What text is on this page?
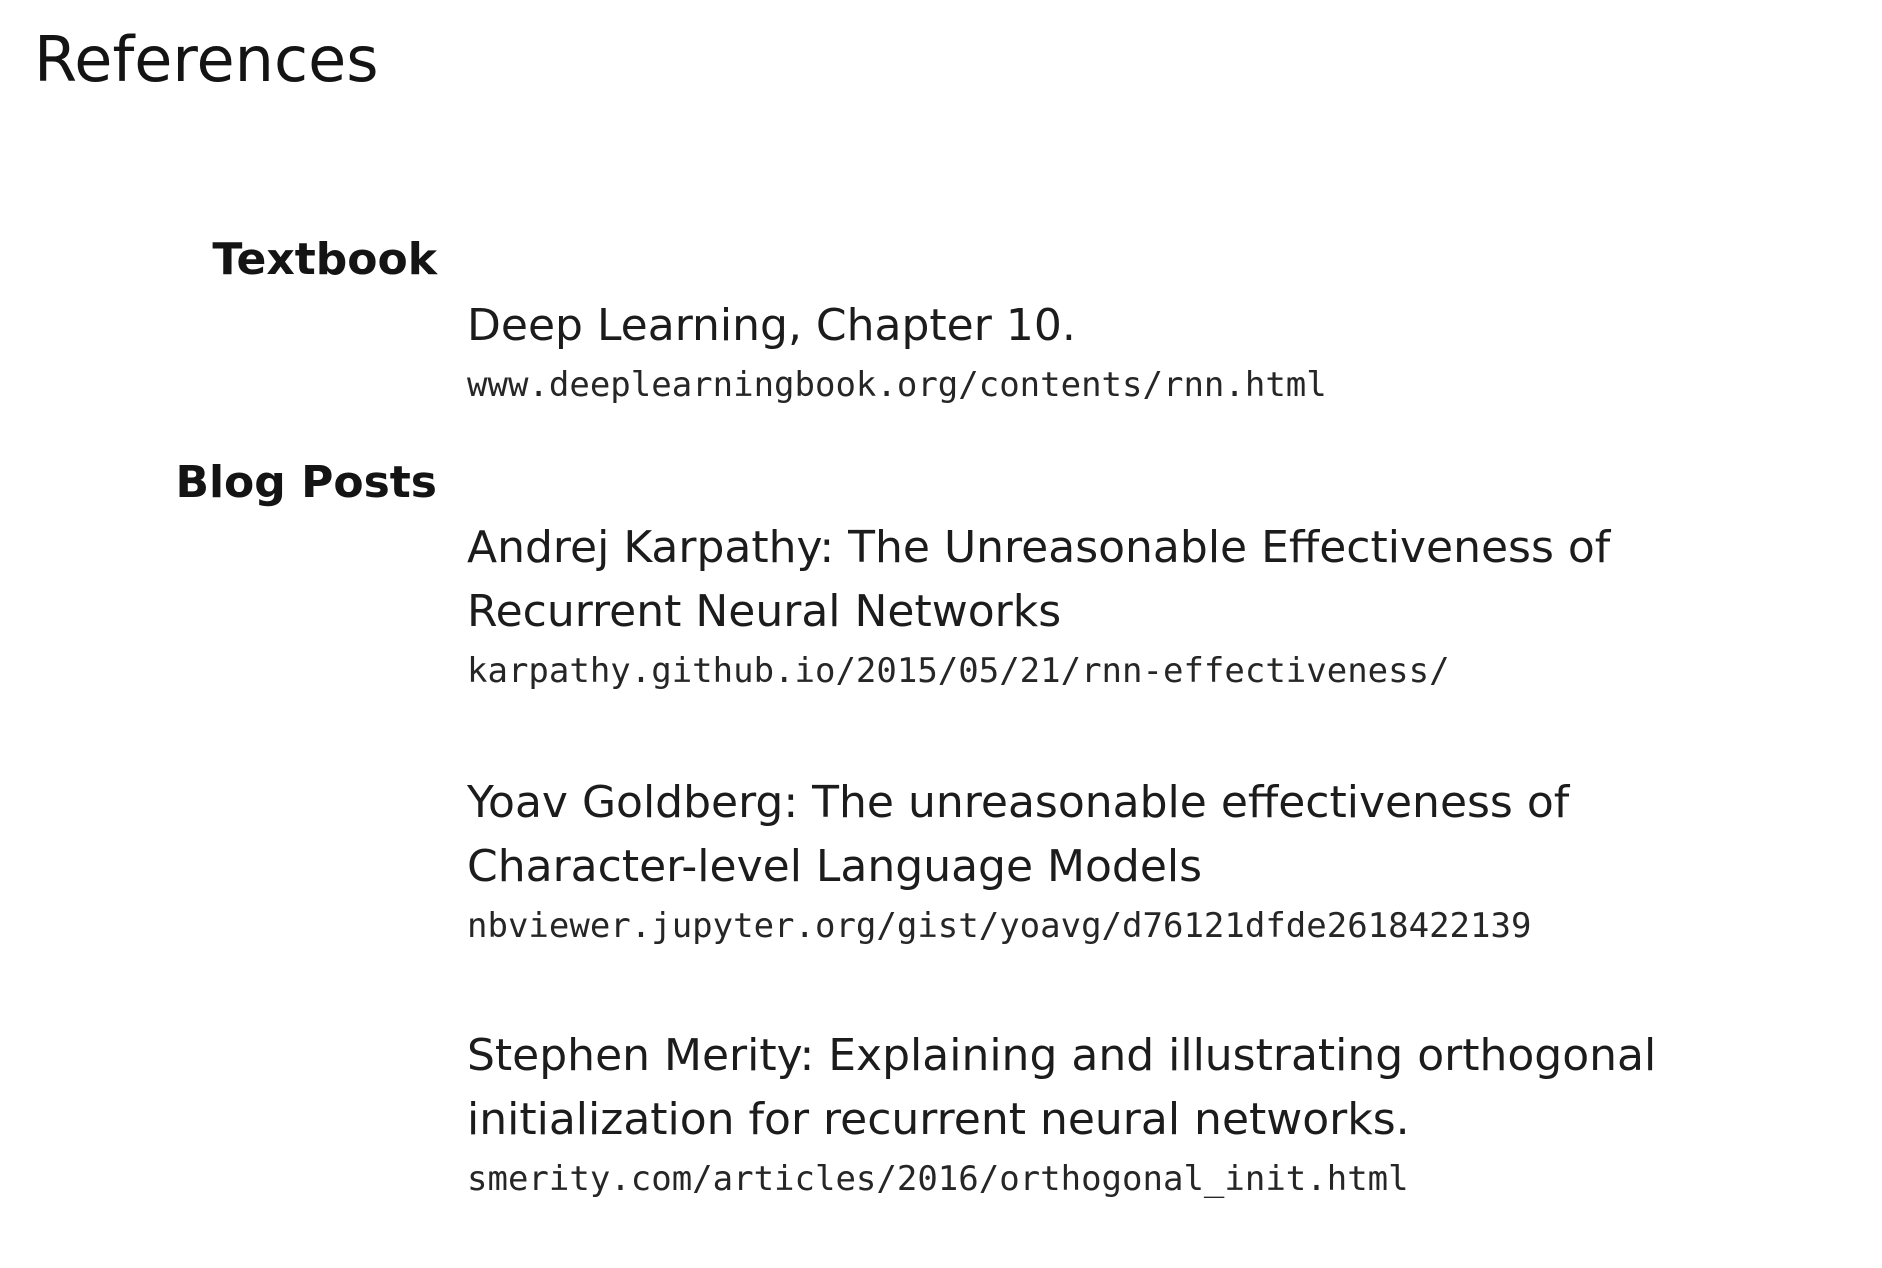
References
Textbook
Deep Learning, Chapter 10.
www.deeplearningbook.org/contents/rnn.html
Blog Posts
Andrej Karpathy: The Unreasonable Effectiveness of
Recurrent Neural Networks
karpathy.github.io/2015/05/21/rnn-effectiveness/
Yoav Goldberg: The unreasonable effectiveness of
Character-level Language Models
nbviewer.jupyter.org/gist/yoavg/d76121dfde2618422139
Stephen Merity: Explaining and illustrating orthogonal
initialization for recurrent neural networks.
smerity.com/articles/2016/orthogonal_init.html
